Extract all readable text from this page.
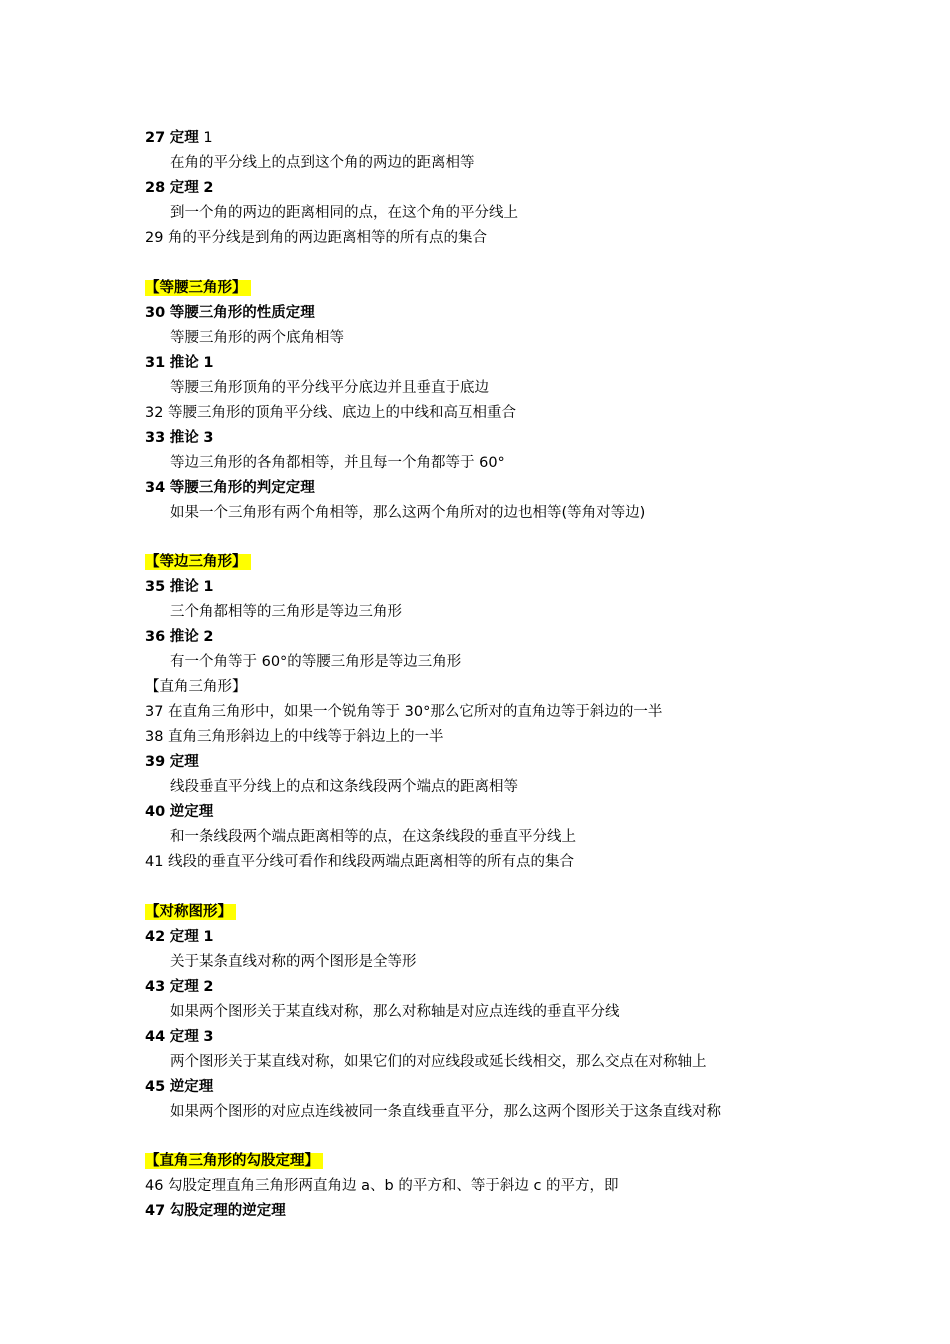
27 定理 1
在角的平分线上的点到这个角的两边的距离相等
28 定理 2
到一个角的两边的距离相同的点，在这个角的平分线上
29 角的平分线是到角的两边距离相等的所有点的集合
【等腰三角形】
30 等腰三角形的性质定理
等腰三角形的两个底角相等
31 推论 1
等腰三角形顶角的平分线平分底边并且垂直于底边
32 等腰三角形的顶角平分线、底边上的中线和高互相重合
33 推论 3
等边三角形的各角都相等，并且每一个角都等于 60°
34 等腰三角形的判定定理
如果一个三角形有两个角相等，那么这两个角所对的边也相等(等角对等边)
【等边三角形】
35 推论 1
三个角都相等的三角形是等边三角形
36 推论 2
有一个角等于 60°的等腰三角形是等边三角形
【直角三角形】
37 在直角三角形中，如果一个锐角等于 30°那么它所对的直角边等于斜边的一半
38 直角三角形斜边上的中线等于斜边上的一半
39 定理
线段垂直平分线上的点和这条线段两个端点的距离相等
40 逆定理
和一条线段两个端点距离相等的点，在这条线段的垂直平分线上
41 线段的垂直平分线可看作和线段两端点距离相等的所有点的集合
【对称图形】
42 定理 1
关于某条直线对称的两个图形是全等形
43 定理 2
如果两个图形关于某直线对称，那么对称轴是对应点连线的垂直平分线
44 定理 3
两个图形关于某直线对称，如果它们的对应线段或延长线相交，那么交点在对称轴上
45 逆定理
如果两个图形的对应点连线被同一条直线垂直平分，那么这两个图形关于这条直线对称
【直角三角形的勾股定理】
46 勾股定理直角三角形两直角边 a、b 的平方和、等于斜边 c 的平方，即
47 勾股定理的逆定理
